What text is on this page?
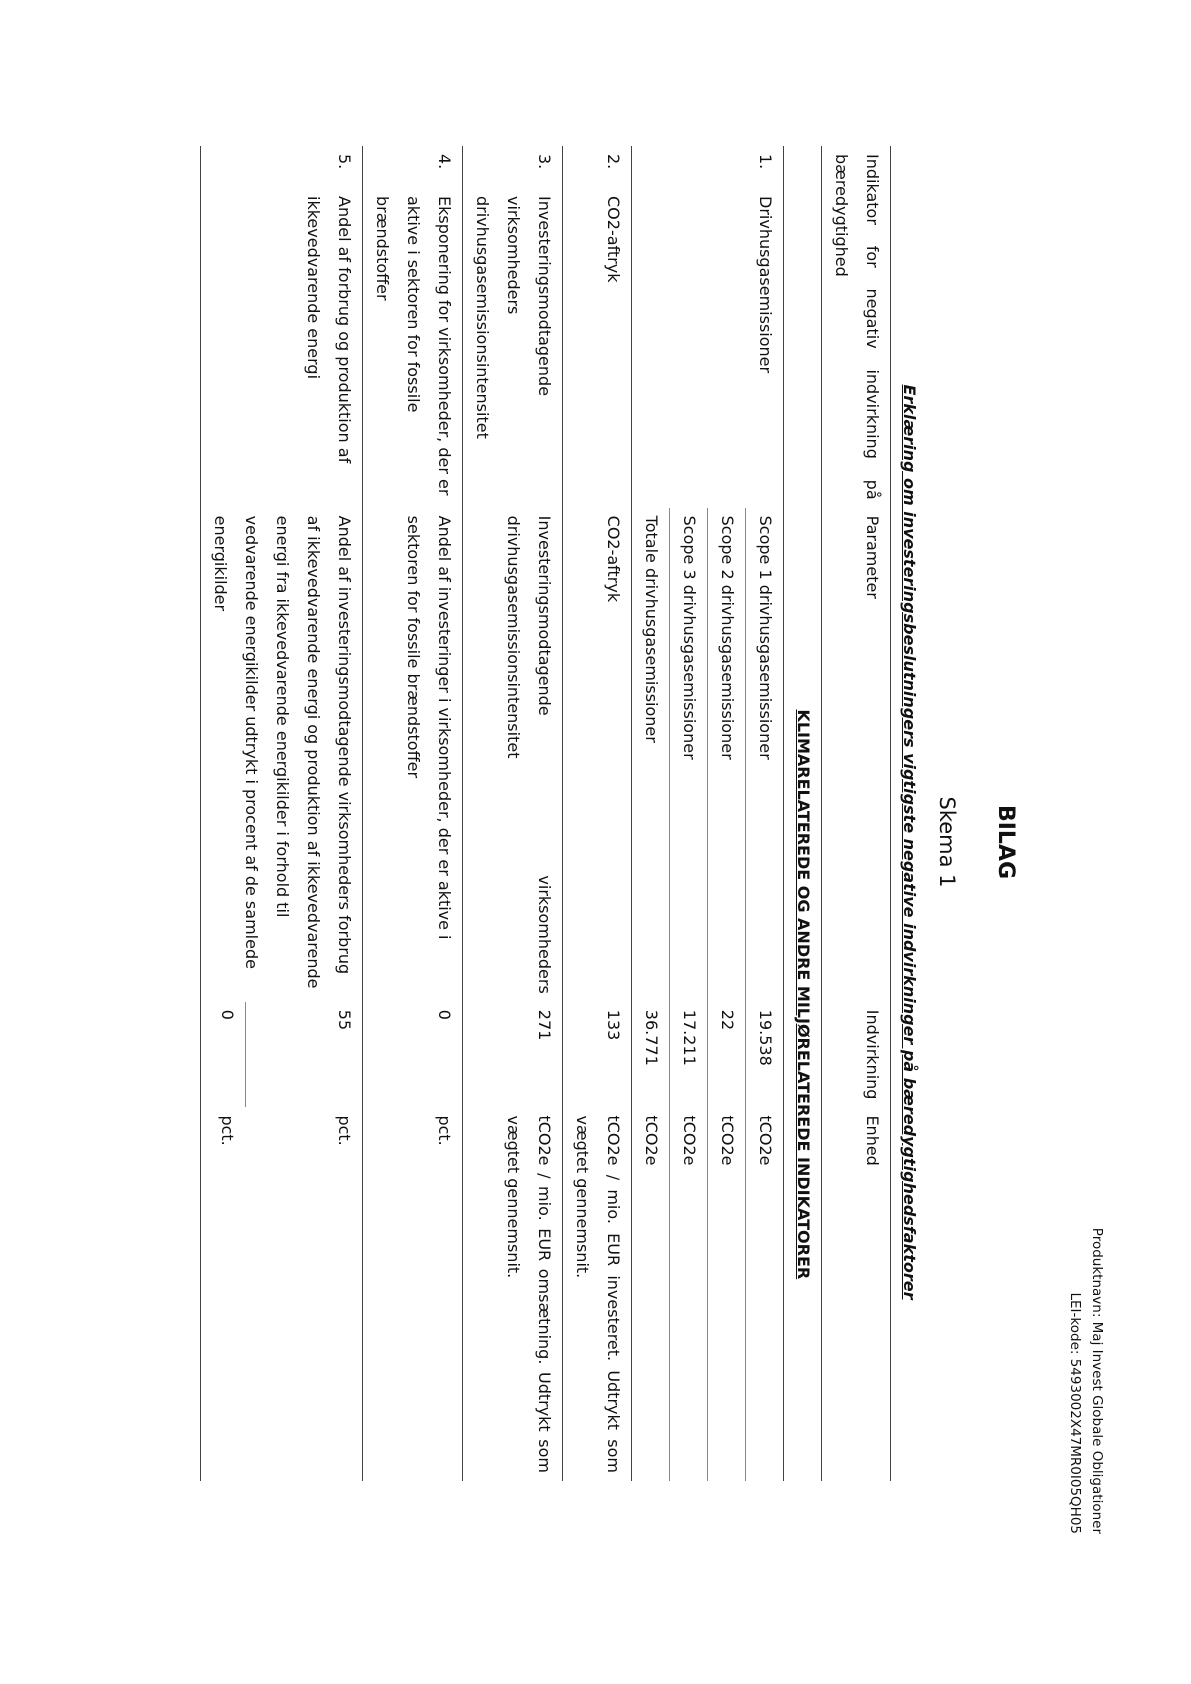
Produktnavn: Maj Invest Globale Obligationer
LEI-kode: 5493002X47MR0I05QH05
BILAG
Skema 1
Erklæring om investeringsbeslutningers vigtigste negative indvirkninger på bæredygtighedsfaktorer
Indikator for negativ indvirkning på bæredygtighed	Parameter	Indvirkning	Enhed	
	KLIMARELATEREDE OG ANDRE MILJØRELATEREDE INDIKATORER			
1.Drivhusgasemissioner	Scope 1 drivhusgasemissioner	19.538	tCO2e	
	Scope 2 drivhusgasemissioner	22	tCO2e	
	Scope 3 drivhusgasemissioner	17.211	tCO2e	
	Totale drivhusgasemissioner	36.771	tCO2e	
2.CO2-aftryk	CO2-aftryk	133	tCO2e / mio. EUR investeret. Udtrykt som vægtet gennemsnit.	

3.
Investeringsmodtagende virksomheders drivhusgasemissionsintensitet	Investeringsmodtagende virksomheders drivhusgasemissionsintensitet	271	tCO2e / mio. EUR omsætning. Udtrykt som vægtet gennemsnit.	

4.
Eksponering for virksomheder, der er aktive i sektoren for fossile brændstoffer	Andel af investeringer i virksomheder, der er aktive i sektoren for fossile brændstoffer	0	pct.	

5.
Andel af forbrug og produktion af ikkevedvarende energi	Andel af investeringsmodtagende virksomheders forbrug af ikkevedvarende energi og produktion af ikkevedvarende energi fra ikkevedvarende energikilder i forhold til vedvarende energikilder udtrykt i procent af de samlede energikilder	55	pct.	
		0	pct.	
